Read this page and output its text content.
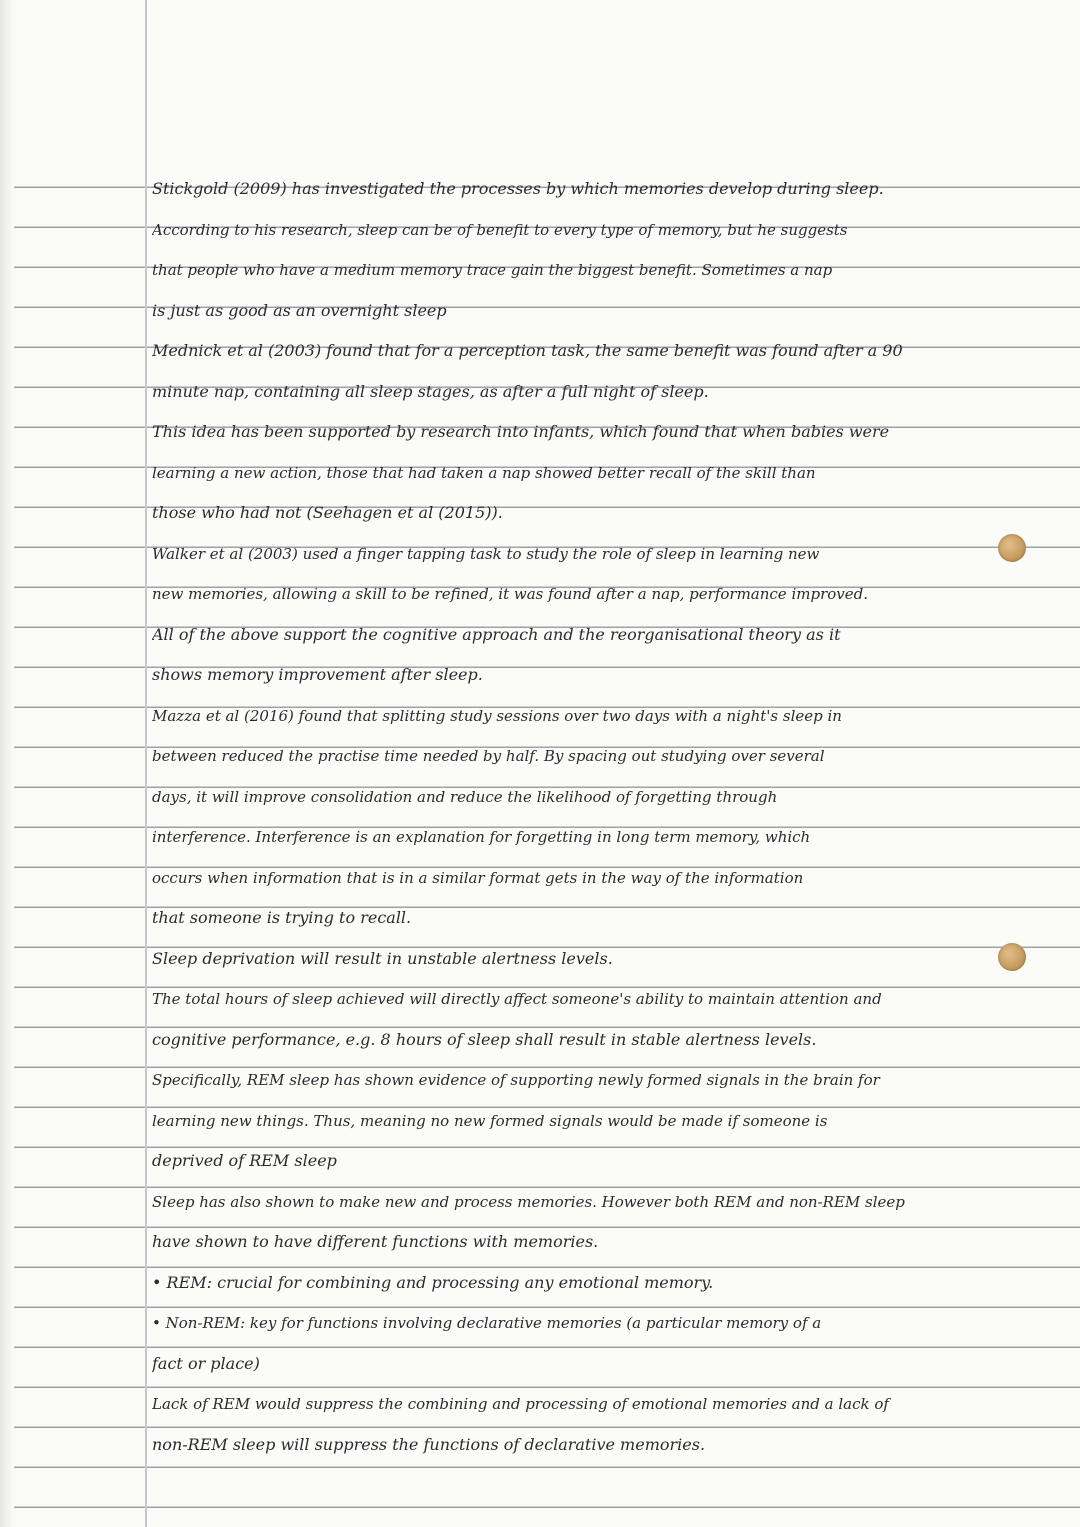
Stickgold (2009) has investigated the processes by which memories develop during sleep.
According to his research, sleep can be of benefit to every type of memory, but he suggests
that people who have a medium memory trace gain the biggest benefit. Sometimes a nap
is just as good as an overnight sleep
Mednick et al (2003) found that for a perception task, the same benefit was found after a 90
minute nap, containing all sleep stages, as after a full night of sleep.
This idea has been supported by research into infants, which found that when babies were
learning a new action, those that had taken a nap showed better recall of the skill than
those who had not (Seehagen et al (2015)).
Walker et al (2003) used a finger tapping task to study the role of sleep in learning new
new memories, allowing a skill to be refined, it was found after a nap, performance improved.
All of the above support the cognitive approach and the reorganisational theory as it
shows memory improvement after sleep.
Mazza et al (2016) found that splitting study sessions over two days with a night's sleep in
between reduced the practise time needed by half. By spacing out studying over several
days, it will improve consolidation and reduce the likelihood of forgetting through
interference. Interference is an explanation for forgetting in long term memory, which
occurs when information that is in a similar format gets in the way of the information
that someone is trying to recall.
Sleep deprivation will result in unstable alertness levels.
The total hours of sleep achieved will directly affect someone's ability to maintain attention and
cognitive performance, e.g. 8 hours of sleep shall result in stable alertness levels.
Specifically, REM sleep has shown evidence of supporting newly formed signals in the brain for
learning new things. Thus, meaning no new formed signals would be made if someone is
deprived of REM sleep
Sleep has also shown to make new and process memories. However both REM and non-REM sleep
have shown to have different functions with memories.
• REM: crucial for combining and processing any emotional memory.
• Non-REM: key for functions involving declarative memories (a particular memory of a
fact or place)
Lack of REM would suppress the combining and processing of emotional memories and a lack of
non-REM sleep will suppress the functions of declarative memories.
